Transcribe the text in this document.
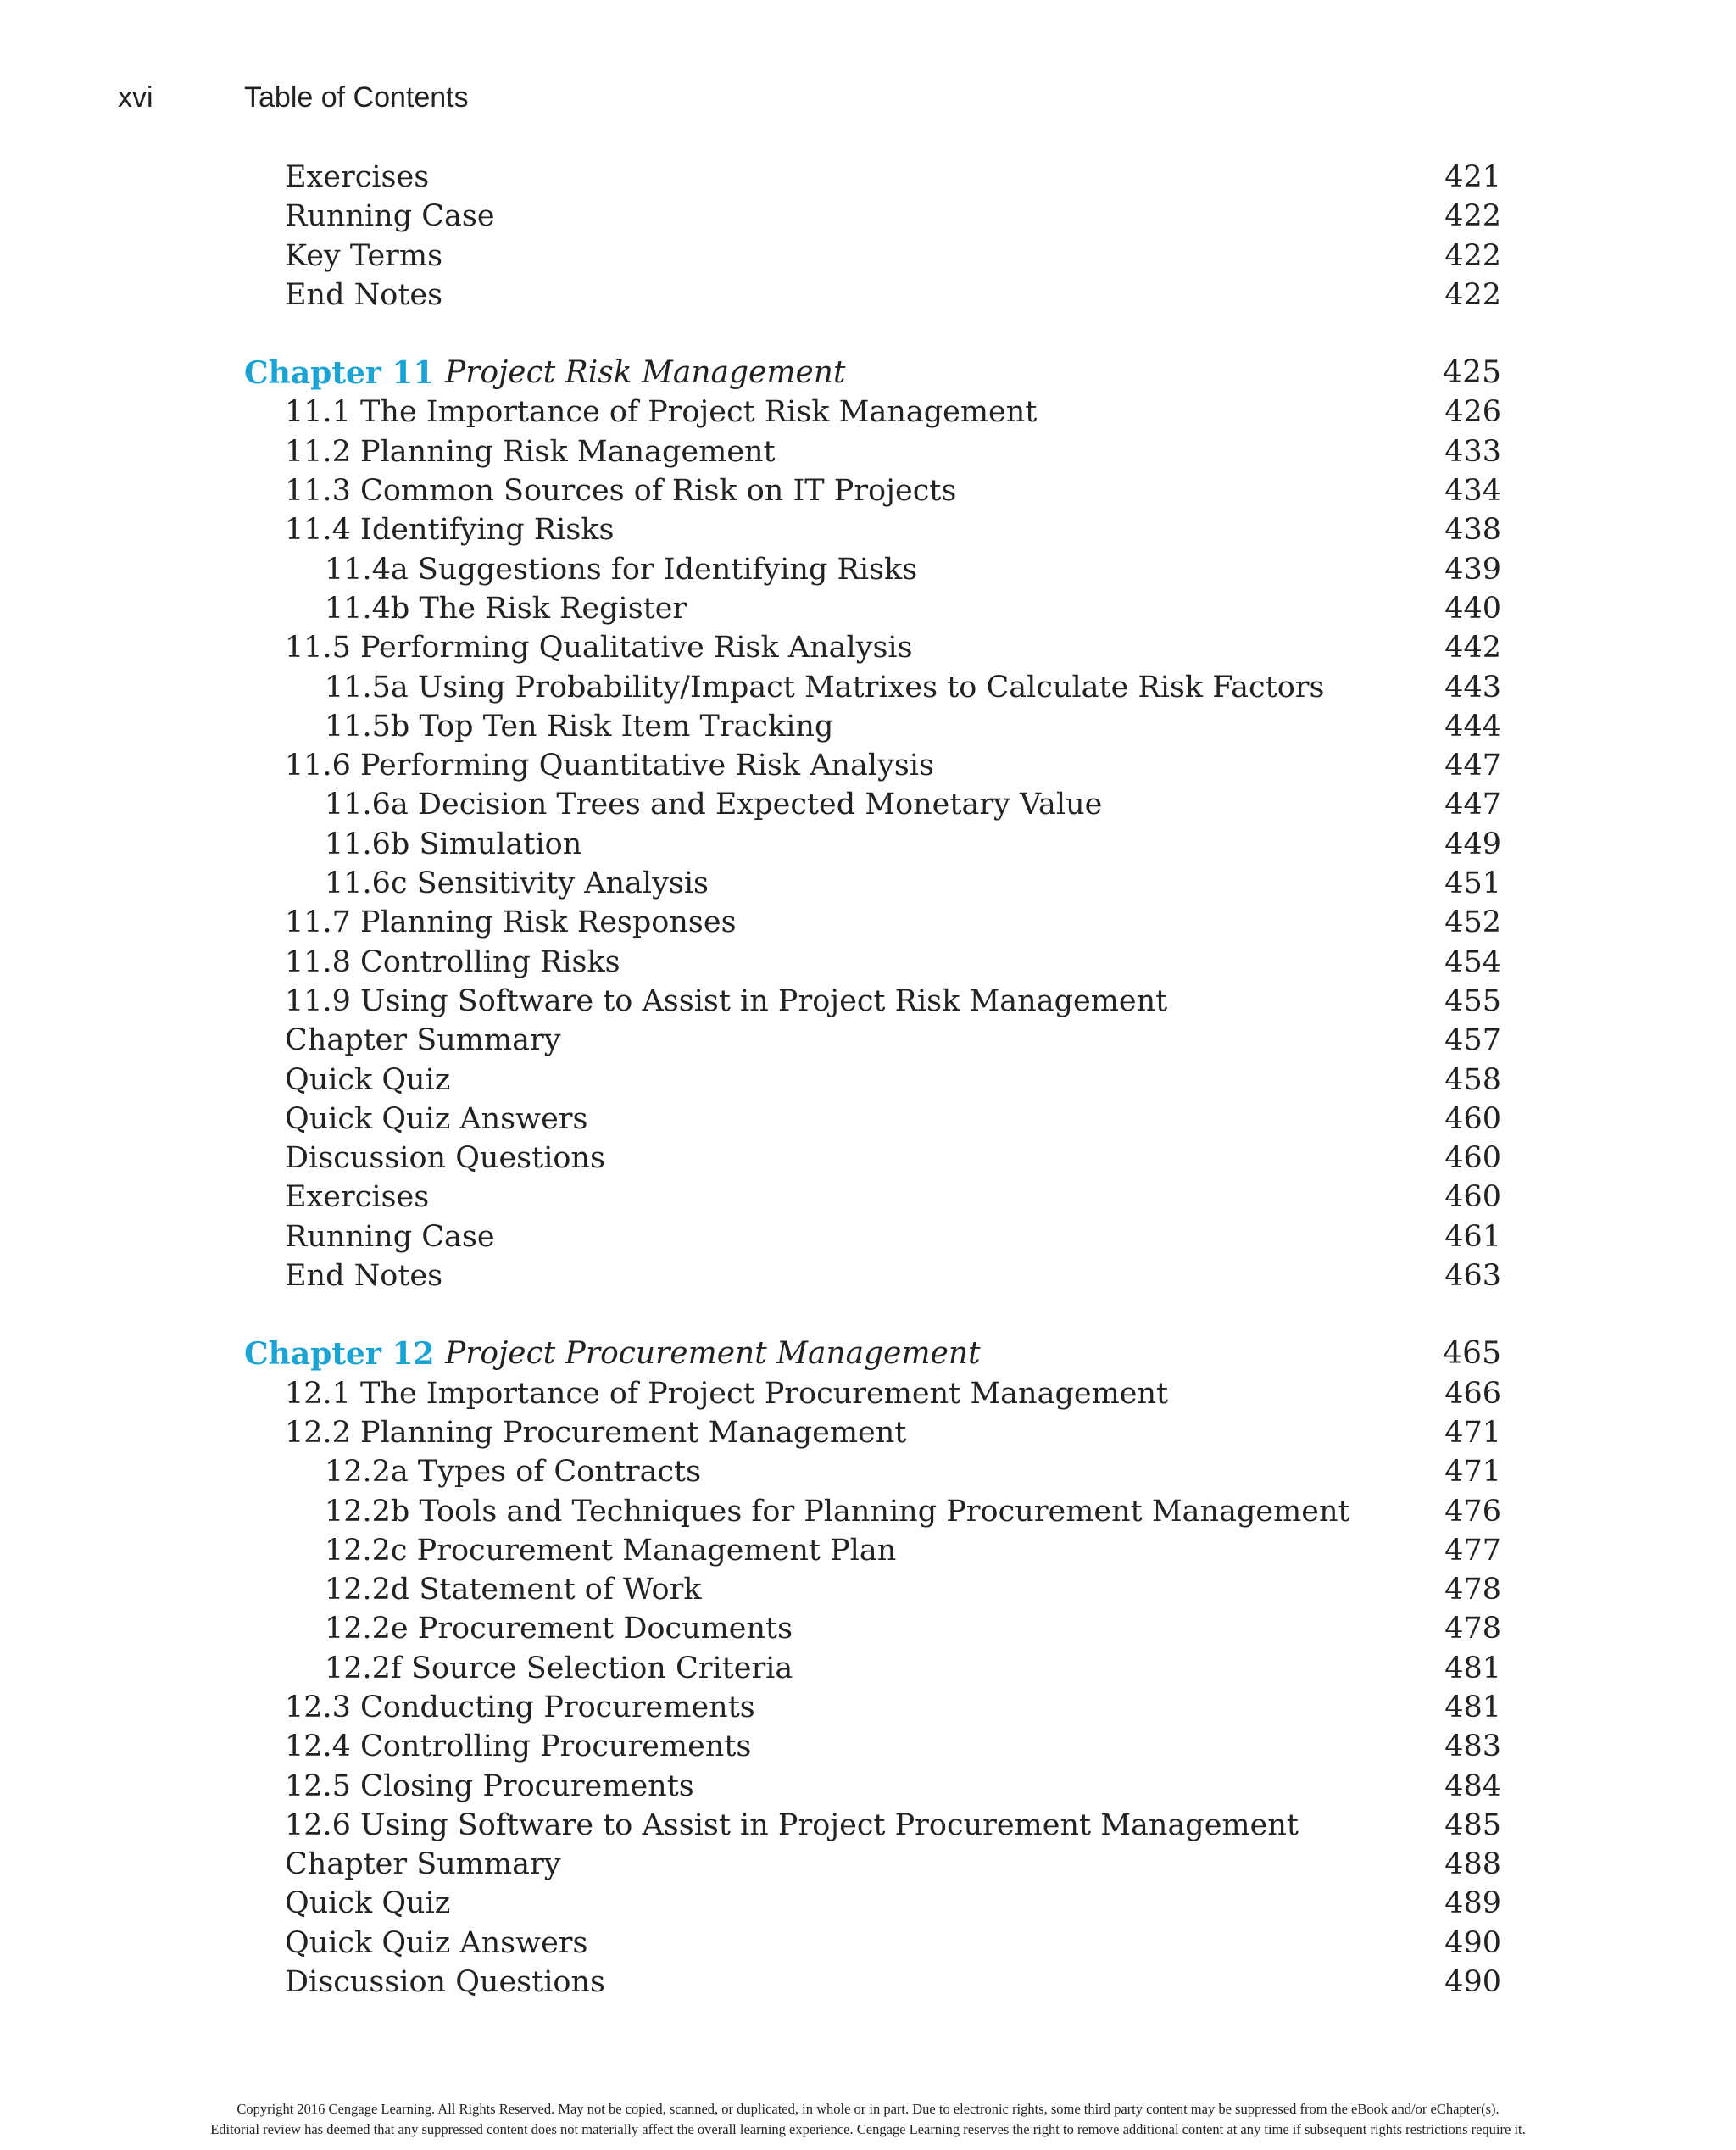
xvi	Table of Contents
Exercises	421
Running Case	422
Key Terms	422
End Notes	422
Chapter 11 Project Risk Management	425
11.1 The Importance of Project Risk Management	426
11.2 Planning Risk Management	433
11.3 Common Sources of Risk on IT Projects	434
11.4 Identifying Risks	438
11.4a Suggestions for Identifying Risks	439
11.4b The Risk Register	440
11.5 Performing Qualitative Risk Analysis	442
11.5a Using Probability/Impact Matrixes to Calculate Risk Factors	443
11.5b Top Ten Risk Item Tracking	444
11.6 Performing Quantitative Risk Analysis	447
11.6a Decision Trees and Expected Monetary Value	447
11.6b Simulation	449
11.6c Sensitivity Analysis	451
11.7 Planning Risk Responses	452
11.8 Controlling Risks	454
11.9 Using Software to Assist in Project Risk Management	455
Chapter Summary	457
Quick Quiz	458
Quick Quiz Answers	460
Discussion Questions	460
Exercises	460
Running Case	461
End Notes	463
Chapter 12 Project Procurement Management	465
12.1 The Importance of Project Procurement Management	466
12.2 Planning Procurement Management	471
12.2a Types of Contracts	471
12.2b Tools and Techniques for Planning Procurement Management	476
12.2c Procurement Management Plan	477
12.2d Statement of Work	478
12.2e Procurement Documents	478
12.2f Source Selection Criteria	481
12.3 Conducting Procurements	481
12.4 Controlling Procurements	483
12.5 Closing Procurements	484
12.6 Using Software to Assist in Project Procurement Management	485
Chapter Summary	488
Quick Quiz	489
Quick Quiz Answers	490
Discussion Questions	490
Copyright 2016 Cengage Learning. All Rights Reserved. May not be copied, scanned, or duplicated, in whole or in part. Due to electronic rights, some third party content may be suppressed from the eBook and/or eChapter(s).
Editorial review has deemed that any suppressed content does not materially affect the overall learning experience. Cengage Learning reserves the right to remove additional content at any time if subsequent rights restrictions require it.
